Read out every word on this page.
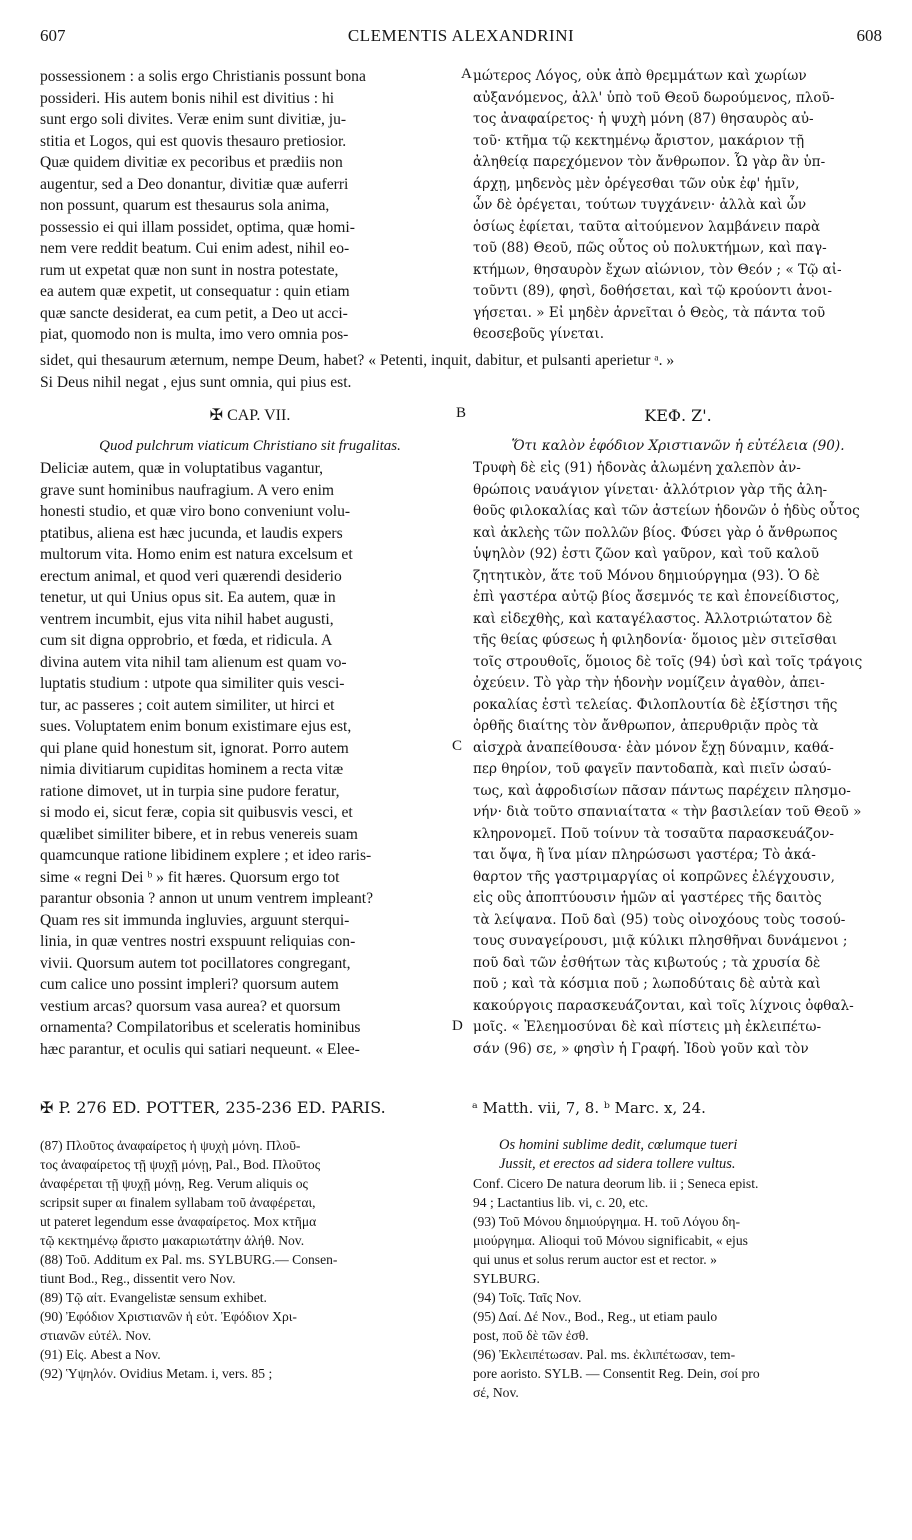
607	CLEMENTIS ALEXANDRINI	608
possessionem : a solis ergo Christianis possunt bona
possideri. His autem bonis nihil est divitius : hi
sunt ergo soli divites. Veræ enim sunt divitiæ, ju-
stitia et Logos, qui est quovis thesauro pretiosior.
Quæ quidem divitiæ ex pecoribus et prædiis non
augentur, sed a Deo donantur, divitiæ quæ auferri
non possunt, quarum est thesaurus sola anima,
possessio ei qui illam possidet, optima, quæ homi-
nem vere reddit beatum. Cui enim adest, nihil eo-
rum ut expetat quæ non sunt in nostra potestate,
ea autem quæ expetit, ut consequatur : quin etiam
quæ sancte desiderat, ea cum petit, a Deo ut acci-
piat, quomodo non is multa, imo vero omnia pos-
μώτερος Λόγος, οὐκ ἀπὸ θρεμμάτων καὶ χωρίων
αὐξανόμενος, ἀλλ' ὑπὸ τοῦ Θεοῦ δωρούμενος, πλοῦ-
τος ἀναφαίρετος· ἡ ψυχὴ μόνη (87) θησαυρὸς αὐ-
τοῦ· κτῆμα τῷ κεκτημένῳ ἄριστον, μακάριον τῇ
ἀληθείᾳ παρεχόμενον τὸν ἄνθρωπον. Ὧ γὰρ ἂν ὑπ-
άρχῃ, μηδενὸς μὲν ὀρέγεσθαι τῶν οὐκ ἐφ' ἡμῖν,
ὧν δὲ ὀρέγεται, τούτων τυγχάνειν· ἀλλὰ καὶ ὧν
ὁσίως ἐφίεται, ταῦτα αἰτούμενον λαμβάνειν παρὰ
τοῦ (88) Θεοῦ, πῶς οὗτος οὐ πολυκτήμων, καὶ παγ-
κτήμων, θησαυρὸν ἔχων αἰώνιον, τὸν Θεόν ; « Τῷ αἰ-
τοῦντι (89), φησὶ, δοθήσεται, καὶ τῷ κρούοντι ἀνοι-
γήσεται. » Εἰ μηδὲν ἀρνεῖται ὁ Θεὸς, τὰ πάντα τοῦ
θεοσεβοῦς γίνεται.
A
sidet, qui thesaurum æternum, nempe Deum, habet? « Petenti, inquit, dabitur, et pulsanti aperietur ᵃ. »
Si Deus nihil negat , ejus sunt omnia, qui pius est.
✠ CAP. VII.
Quod pulchrum viaticum Christiano sit frugalitas.
B	ΚΕΦ. Ζ'.
Ὅτι καλὸν ἐφόδιον Χριστιανῶν ἡ εὐτέλεια (90).
Deliciæ autem, quæ in voluptatibus vagantur,
grave sunt hominibus naufragium. A vero enim
honesti studio, et quæ viro bono conveniunt volu-
ptatibus, aliena est hæc jucunda, et laudis expers
multorum vita. Homo enim est natura excelsum et
erectum animal, et quod veri quærendi desiderio
tenetur, ut qui Unius opus sit. Ea autem, quæ in
ventrem incumbit, ejus vita nihil habet augusti,
cum sit digna opprobrio, et fœda, et ridicula. A
divina autem vita nihil tam alienum est quam vo-
luptatis studium : utpote qua similiter quis vesci-
tur, ac passeres ; coit autem similiter, ut hirci et
sues. Voluptatem enim bonum existimare ejus est,
qui plane quid honestum sit, ignorat. Porro autem
nimia divitiarum cupiditas hominem a recta vitæ
ratione dimovet, ut in turpia sine pudore feratur,
si modo ei, sicut feræ, copia sit quibusvis vesci, et
quælibet similiter bibere, et in rebus venereis suam
quamcunque ratione libidinem explere ; et ideo raris-
sime « regni Dei ᵇ » fit hæres. Quorsum ergo tot
parantur obsonia ? annon ut unum ventrem impleant?
Quam res sit immunda ingluvies, arguunt sterqui-
linia, in quæ ventres nostri exspuunt reliquias con-
vivii. Quorsum autem tot pocillatores congregant,
cum calice uno possint impleri? quorsum autem
vestium arcas? quorsum vasa aurea? et quorsum
ornamenta? Compilatoribus et sceleratis hominibus
hæc parantur, et oculis qui satiari nequeunt. « Elee-
Τρυφὴ δὲ εἰς (91) ἡδονὰς ἀλωμένη χαλεπὸν ἀν-
θρώποις ναυάγιον γίνεται· ἀλλότριον γὰρ τῆς ἀλη-
θοῦς φιλοκαλίας καὶ τῶν ἀστείων ἡδονῶν ὁ ἡδὺς οὗτος
καὶ ἀκλεὴς τῶν πολλῶν βίος. Φύσει γὰρ ὁ ἄνθρωπος
ὑψηλὸν (92) ἐστι ζῶον καὶ γαῦρον, καὶ τοῦ καλοῦ
ζητητικὸν, ἅτε τοῦ Μόνου δημιούργημα (93). Ὁ δὲ
ἐπὶ γαστέρα αὐτῷ βίος ἄσεμνός τε καὶ ἐπονείδιστος,
καὶ εἰδεχθὴς, καὶ καταγέλαστος. Ἀλλοτριώτατον δὲ
τῆς θείας φύσεως ἡ φιληδονία· ὅμοιος μὲν σιτεῖσθαι
τοῖς στρουθοῖς, ὅμοιος δὲ τοῖς (94) ὑσὶ καὶ τοῖς τράγοις
ὀχεύειν. Τὸ γὰρ τὴν ἡδονὴν νομίζειν ἀγαθὸν, ἀπει-
ροκαλίας ἐστὶ τελείας. Φιλοπλουτία δὲ ἐξίστησι τῆς
ὀρθῆς διαίτης τὸν ἄνθρωπον, ἀπερυθριᾷν πρὸς τὰ
αἰσχρὰ ἀναπείθουσα· ἐὰν μόνον ἔχῃ δύναμιν, καθά-
περ θηρίον, τοῦ φαγεῖν παντοδαπὰ, καὶ πιεῖν ὡσαύ-
τως, καὶ ἀφροδισίων πᾶσαν πάντως παρέχειν πλησμο-
νήν· διὰ τοῦτο σπανιαίτατα « τὴν βασιλείαν τοῦ Θεοῦ »
κληρονομεῖ. Ποῦ τοίνυν τὰ τοσαῦτα παρασκευάζον-
ται ὄψα, ἢ ἵνα μίαν πληρώσωσι γαστέρα; Τὸ ἀκά-
θαρτον τῆς γαστριμαργίας οἱ κοπρῶνες ἐλέγχουσιν,
εἰς οὓς ἀποπτύουσιν ἡμῶν αἱ γαστέρες τῆς δαιτὸς
τὰ λείψανα. Ποῦ δαὶ (95) τοὺς οἰνοχόους τοὺς τοσού-
τους συναγείρουσι, μιᾷ κύλικι πλησθῆναι δυνάμενοι ;
ποῦ δαὶ τῶν ἐσθήτων τὰς κιβωτούς ; τὰ χρυσία δὲ
ποῦ ; καὶ τὰ κόσμια ποῦ ; λωποδύταις δὲ αὐτὰ καὶ
κακούργοις παρασκευάζονται, καὶ τοῖς λίχνοις ὀφθαλ-
μοῖς. « Ἐλεημοσύναι δὲ καὶ πίστεις μὴ ἐκλειπέτω-
σάν (96) σε, » φησὶν ἡ Γραφή. Ἰδοὺ γοῦν καὶ τὸν
C
D
✠ P. 276 ED. POTTER, 235-236 ED. PARIS.	ᵃ Matth. vii, 7, 8. ᵇ Marc. x, 24.
(87) Πλοῦτος ἀναφαίρετος ἡ ψυχὴ μόνη. Πλοῦ-
τος ἀναφαίρετος τῇ ψυχῇ μόνῃ, Pal., Bod. Πλοῦτος
ἀναφέρεται τῇ ψυχῇ μόνῃ, Reg. Verum aliquis ος
scripsit super αι finalem syllabam τοῦ ἀναφέρεται,
ut pateret legendum esse ἀναφαίρετος. Mox κτῆμα
τῷ κεκτημένῳ ἄριστο μακαριωτάτην ἀλήθ. Nov.
(88) Τοῦ. Additum ex Pal. ms. SYLBURG.— Consen-
tiunt Bod., Reg., dissentit vero Nov.
(89) Τῷ αἰτ. Evangelistæ sensum exhibet.
(90) Ἐφόδιον Χριστιανῶν ἡ εὐτ. Ἐφόδιον Χρι-
στιανῶν εὐτέλ. Nov.
(91) Εἰς. Abest a Nov.
(92) Ὑψηλόν. Ovidius Metam. i, vers. 85 ;
Os homini sublime dedit, cœlumque tueri
Jussit, et erectos ad sidera tollere vultus.
Conf. Cicero De natura deorum lib. ii ; Seneca epist.
94 ; Lactantius lib. vi, c. 20, etc.
(93) Τοῦ Μόνου δημιούργημα. Η. τοῦ Λόγου δη-
μιούργημα. Alioqui τοῦ Μόνου significabit, « ejus
qui unus et solus rerum auctor est et rector. »
SYLBURG.
(94) Τοῖς. Ταῖς Nov.
(95) Δαί. Δέ Nov., Bod., Reg., ut etiam paulo
post, ποῦ δὲ τῶν ἐσθ.
(96) Ἐκλειπέτωσαν. Pal. ms. ἐκλιπέτωσαν, tem-
pore aoristo. SYLB. — Consentit Reg. Dein, σοί pro
σέ, Nov.
